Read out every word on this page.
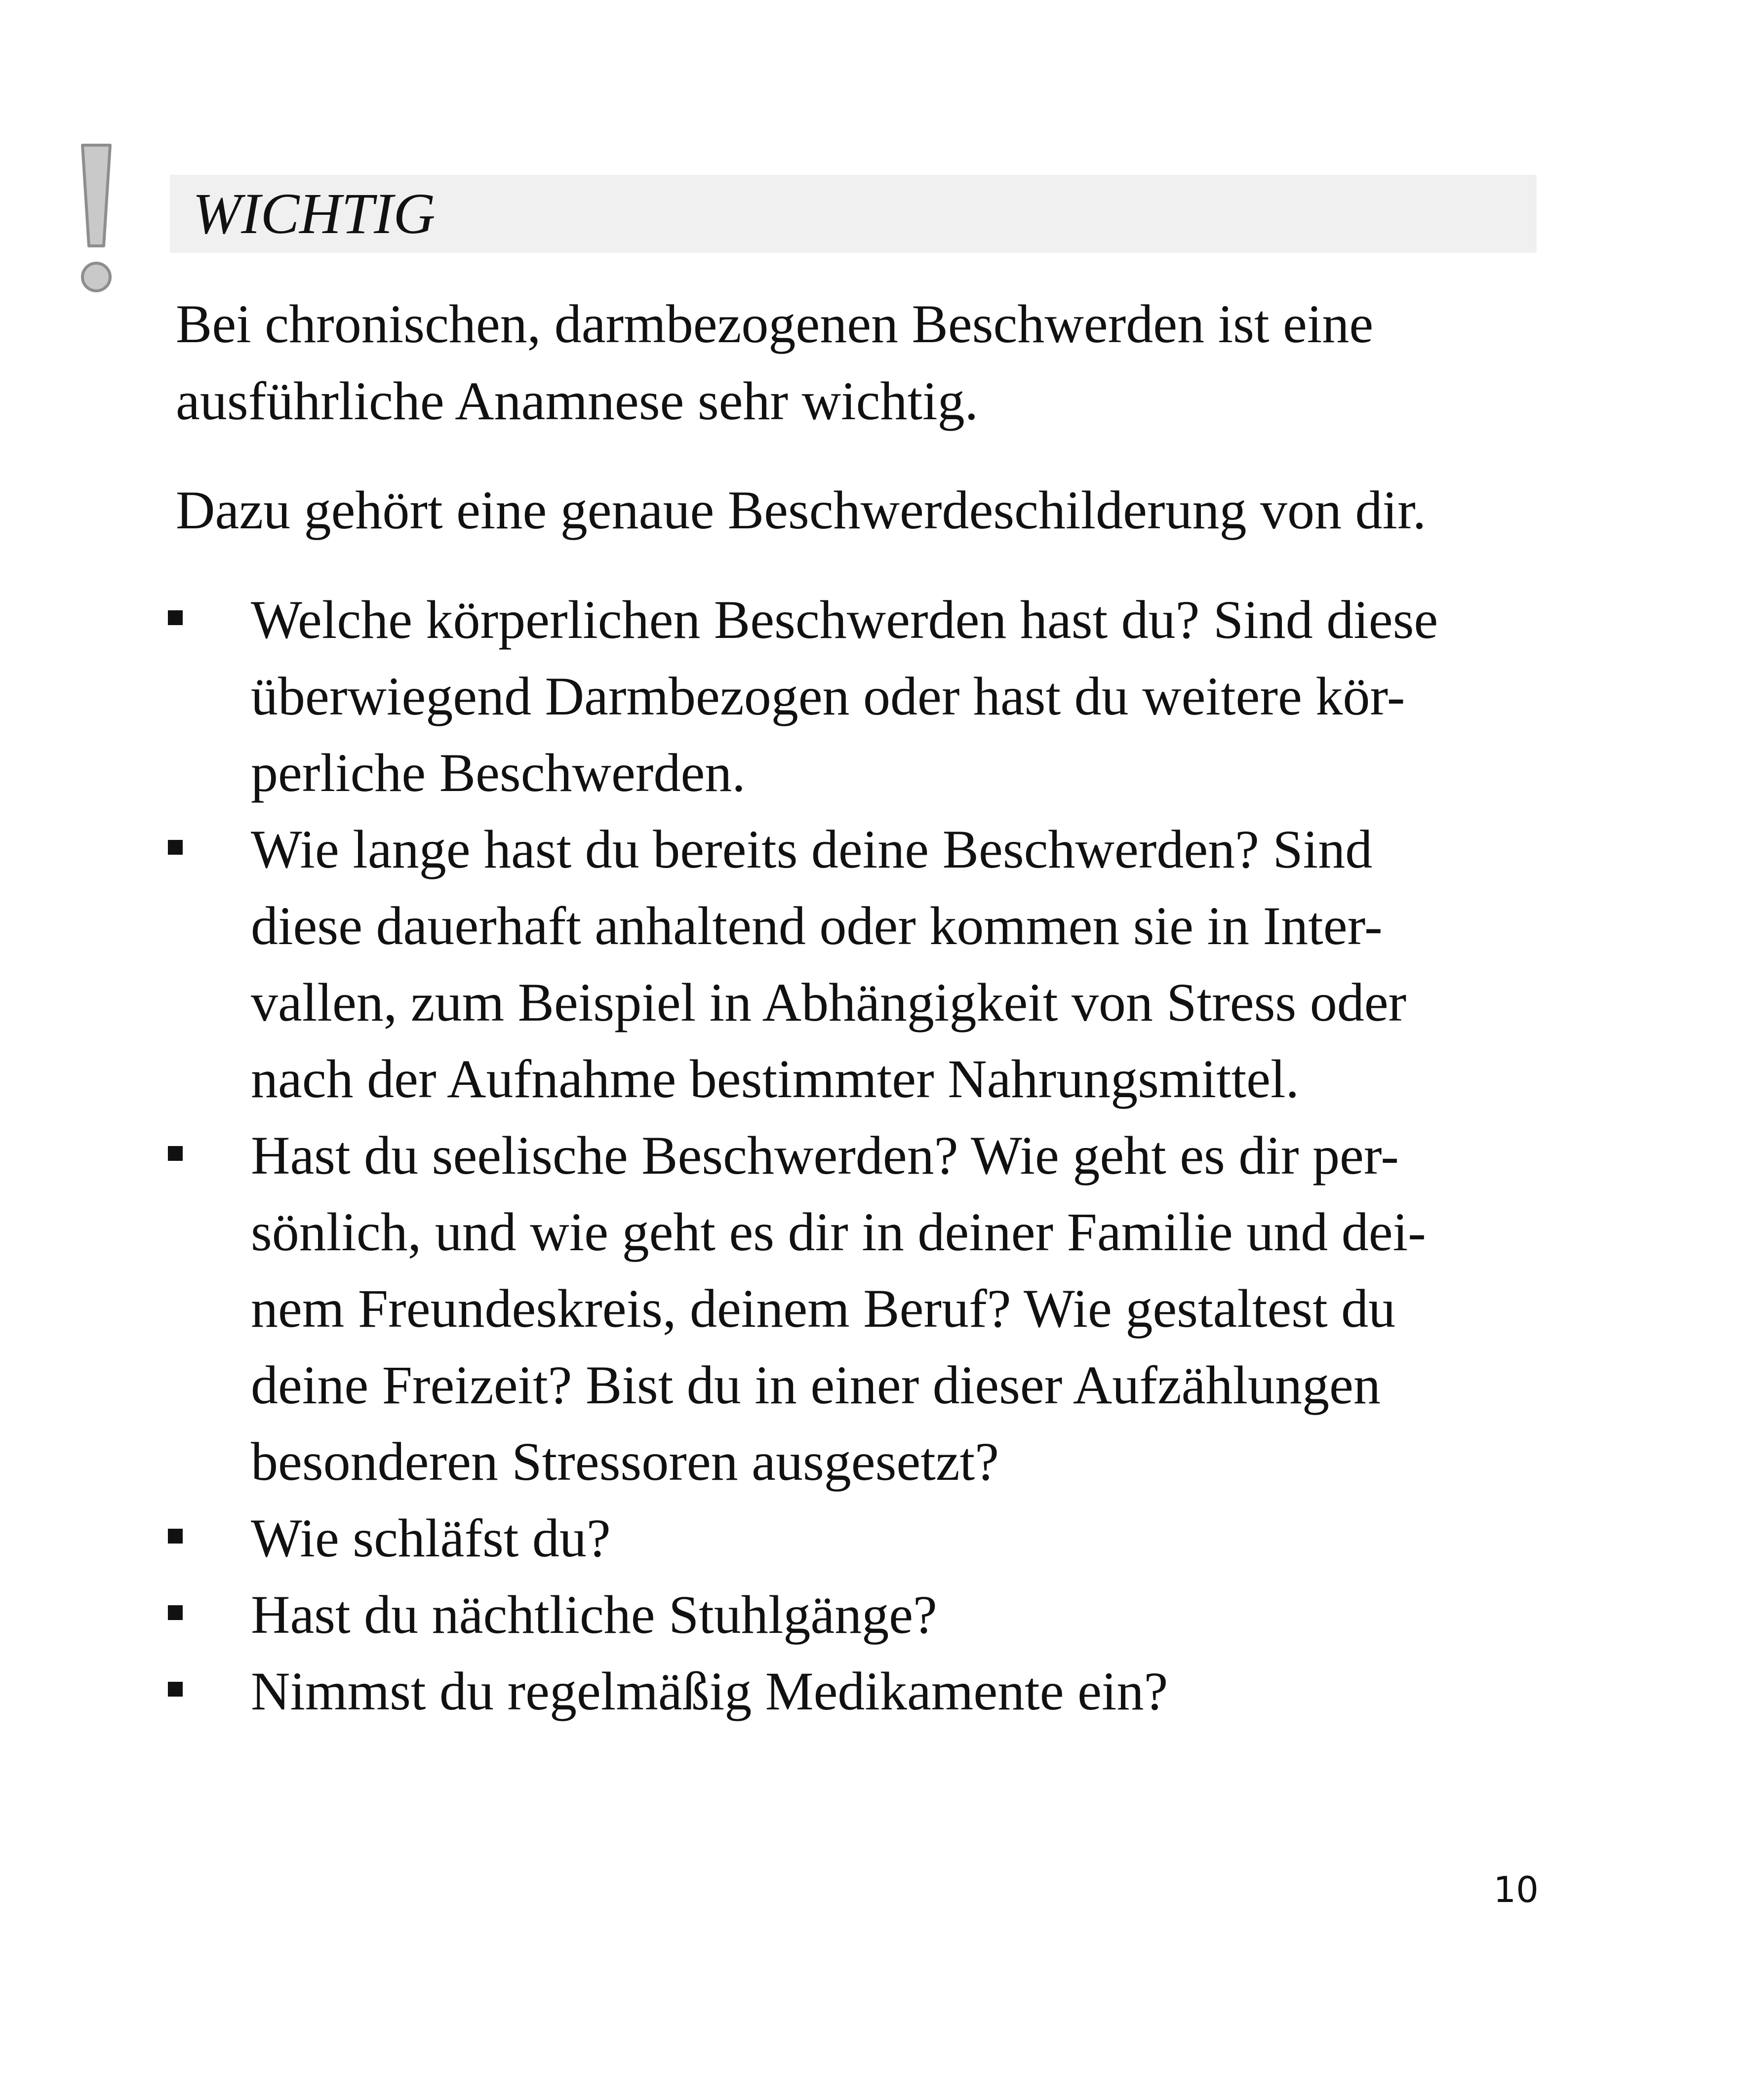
WICHTIG
Bei chronischen, darmbezogenen Beschwerden ist eine
ausführliche Anamnese sehr wichtig.
Dazu gehört eine genaue Beschwerdeschilderung von dir.
Welche körperlichen Beschwerden hast du? Sind diese
überwiegend Darmbezogen oder hast du weitere kör-
perliche Beschwerden.
Wie lange hast du bereits deine Beschwerden? Sind
diese dauerhaft anhaltend oder kommen sie in Inter-
vallen, zum Beispiel in Abhängigkeit von Stress oder
nach der Aufnahme bestimmter Nahrungsmittel.
Hast du seelische Beschwerden? Wie geht es dir per-
sönlich, und wie geht es dir in deiner Familie und dei-
nem Freundeskreis, deinem Beruf? Wie gestaltest du
deine Freizeit? Bist du in einer dieser Aufzählungen
besonderen Stressoren ausgesetzt?
Wie schläfst du?
Hast du nächtliche Stuhlgänge?
Nimmst du regelmäßig Medikamente ein?
10
